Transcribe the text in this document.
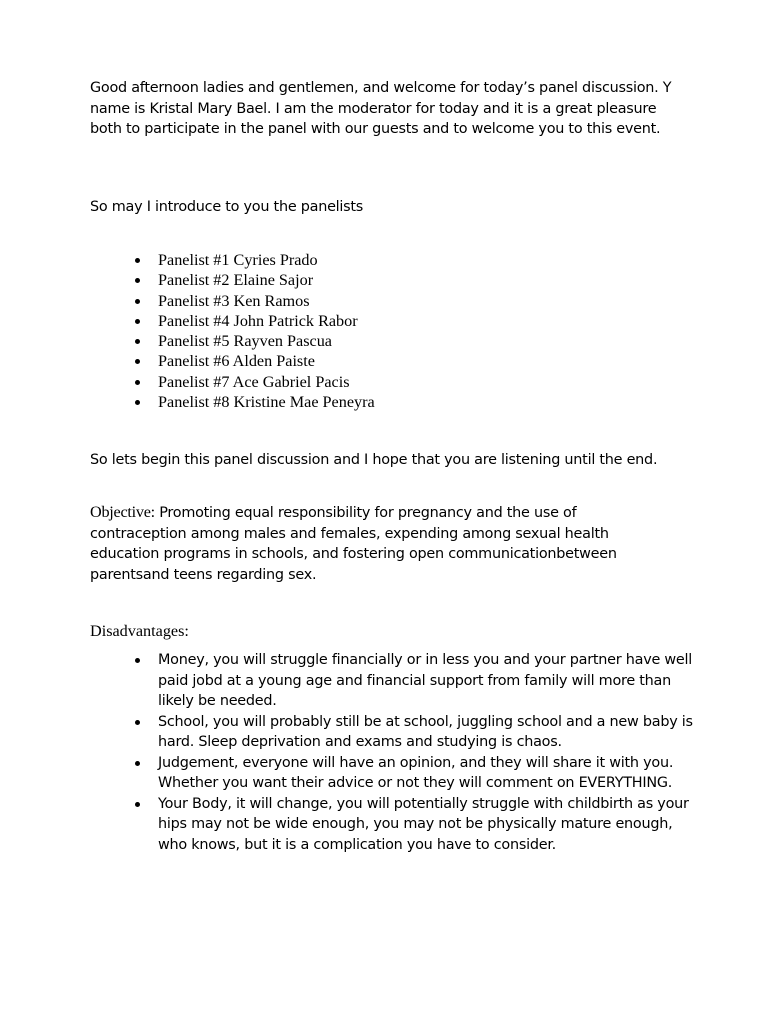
Good afternoon ladies and gentlemen, and welcome for today’s panel discussion. Y name is Kristal Mary Bael. I am the moderator for today and it is a great pleasure both to participate in the panel with our guests and to welcome you to this event.

So may I introduce to you the panelists

Panelist #1 Cyries Prado
Panelist #2 Elaine Sajor
Panelist #3 Ken Ramos
Panelist #4 John Patrick Rabor
Panelist #5 Rayven Pascua
Panelist #6 Alden Paiste
Panelist #7 Ace Gabriel Pacis
Panelist #8 Kristine Mae Peneyra

So lets begin this panel discussion and I hope that you are listening until the end.

Objective: Promoting equal responsibility for pregnancy and the use of contraception among males and females, expending among sexual health education programs in schools, and fostering open communicationbetween parentsand teens regarding sex.

Disadvantages:

Money, you will struggle financially or in less you and your partner have well paid jobd at a young age and financial support from family will more than likely be needed.
School, you will probably still be at school, juggling school and a new baby is hard. Sleep deprivation and exams and studying is chaos.
Judgement, everyone will have an opinion, and they will share it with you. Whether you want their advice or not they will comment on EVERYTHING.
Your Body, it will change, you will potentially struggle with childbirth as your hips may not be wide enough, you may not be physically mature enough, who knows, but it is a complication you have to consider.
